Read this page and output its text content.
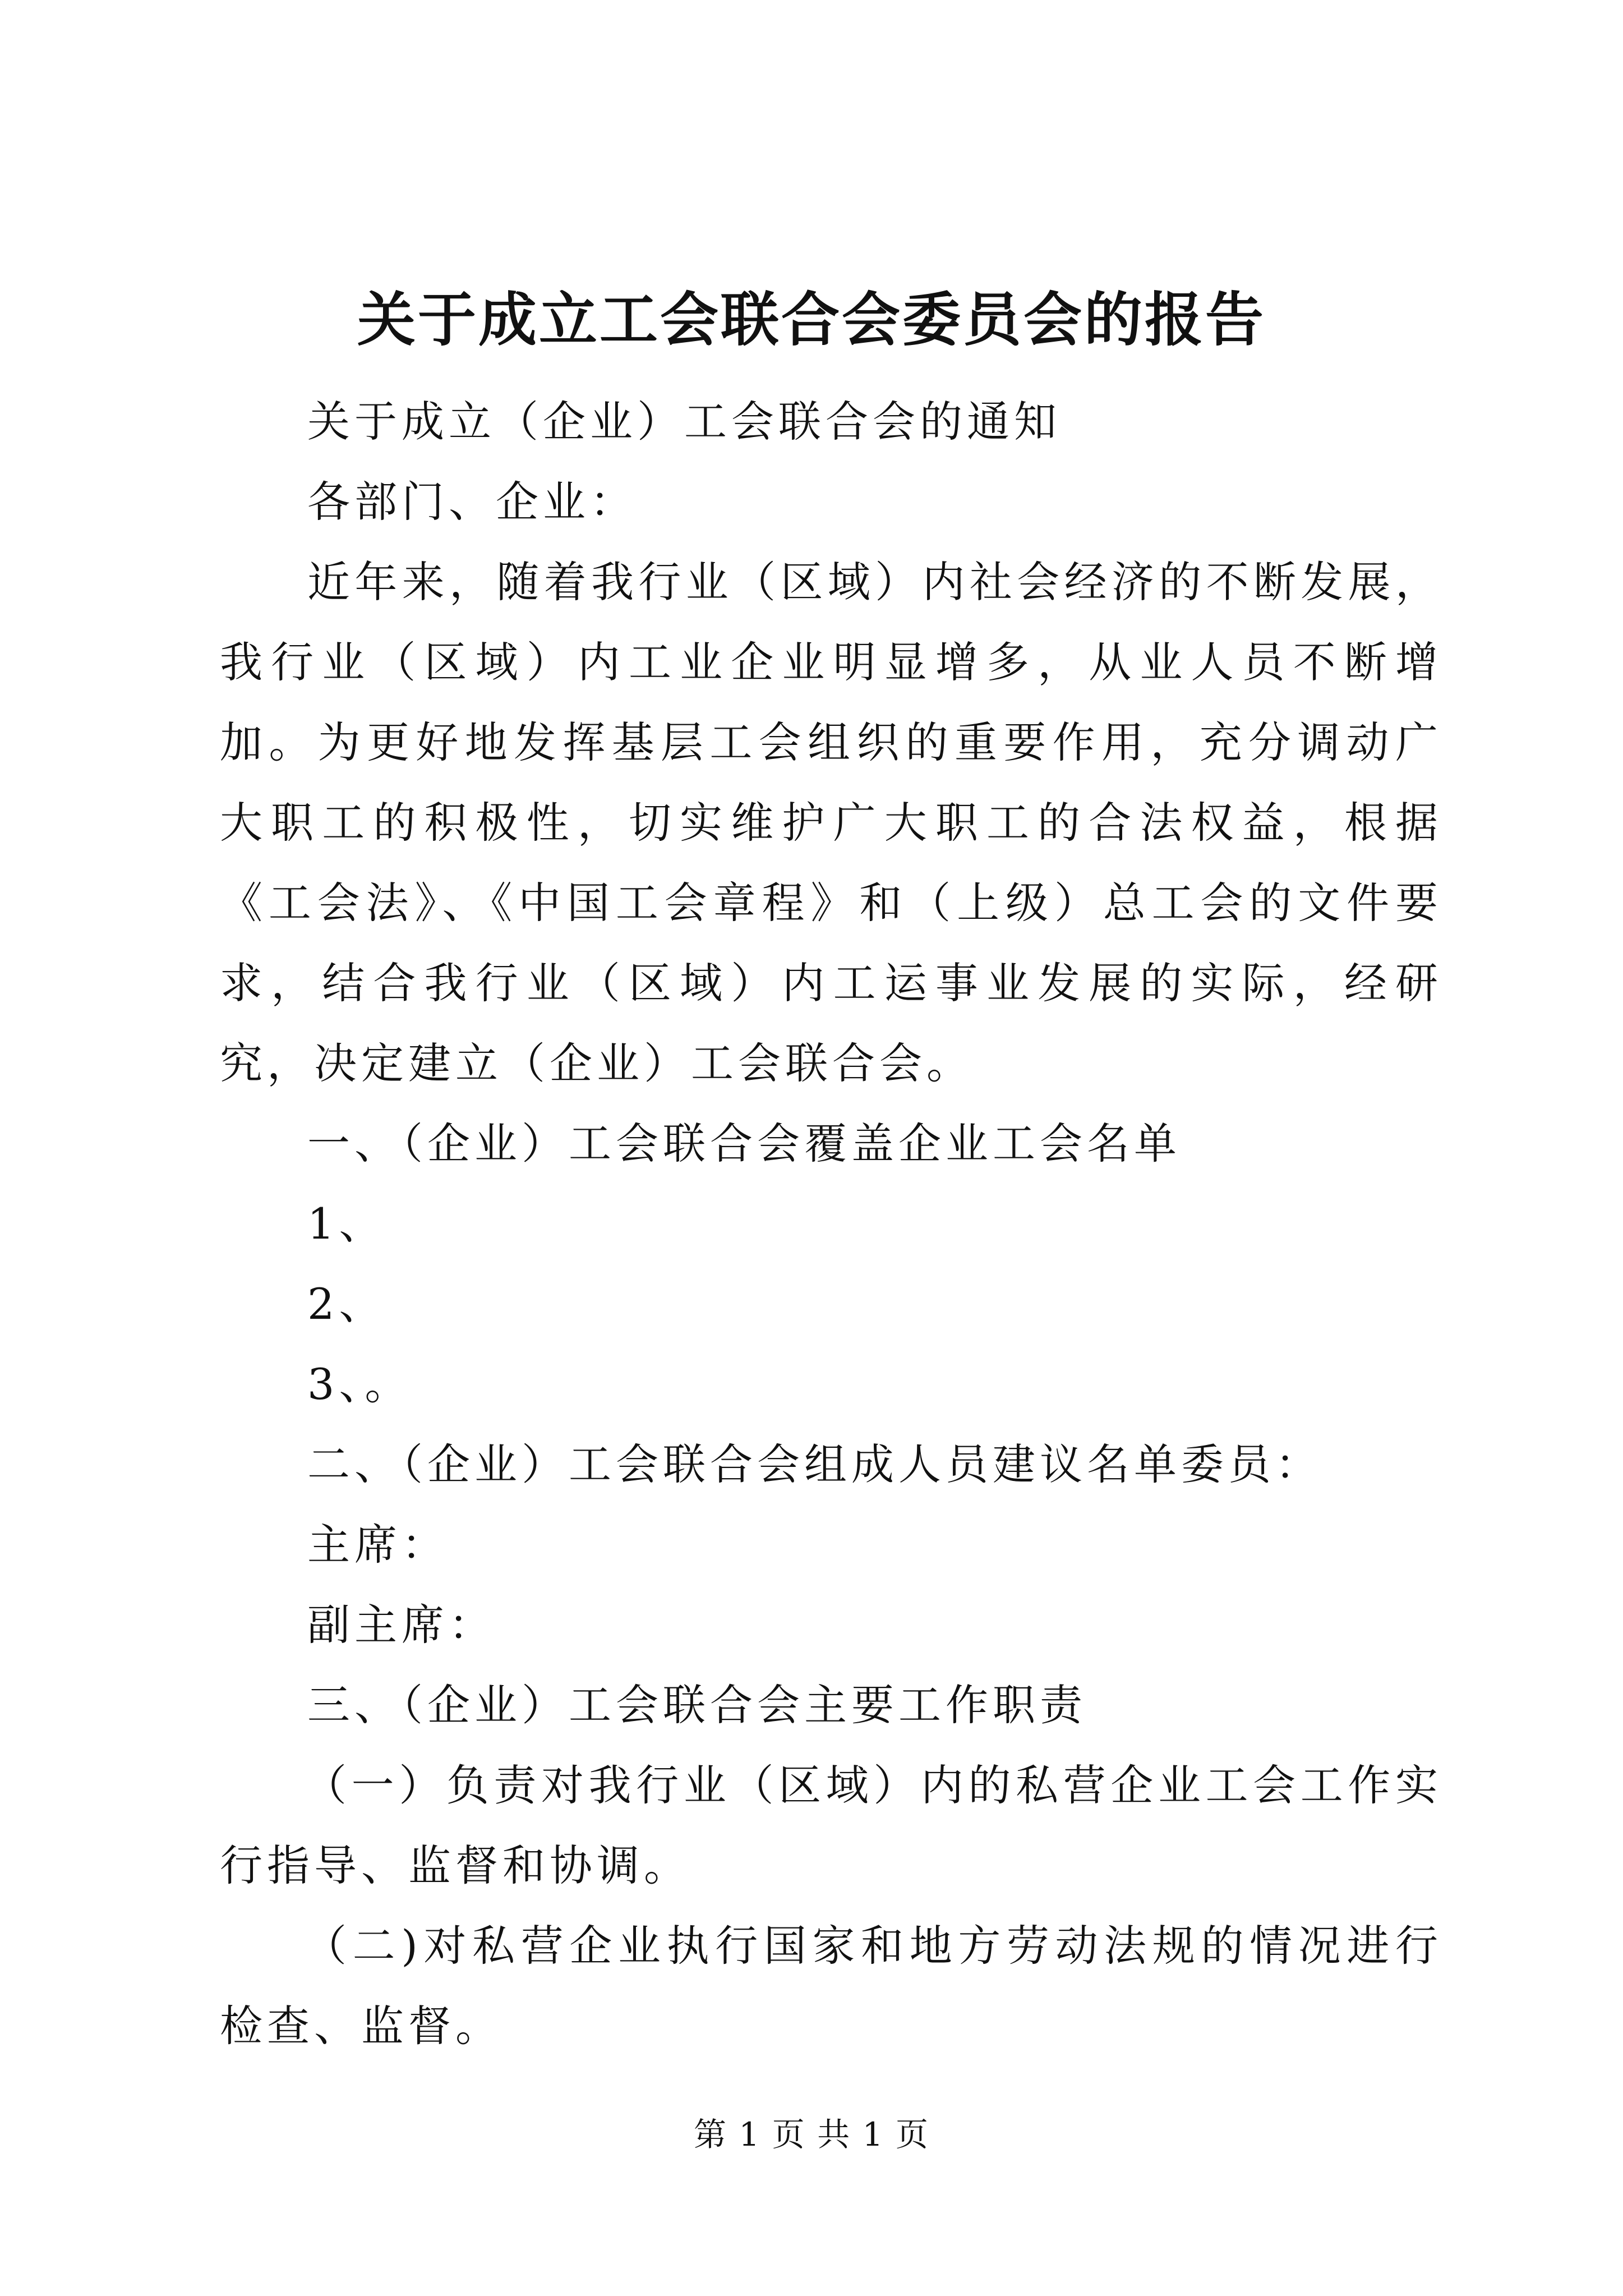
关于成立工会联合会委员会的报告

关于成立（企业）工会联合会的通知

各部门、企业：

近年来，随着我行业（区域）内社会经济的不断发展，我行业（区域）内工业企业明显增多，从业人员不断增加。为更好地发挥基层工会组织的重要作用，充分调动广大职工的积极性，切实维护广大职工的合法权益，根据《工会法》、《中国工会章程》和（上级）总工会的文件要求，结合我行业（区域）内工运事业发展的实际，经研究，决定建立（企业）工会联合会。

一、（企业）工会联合会覆盖企业工会名单

1、

2、

3、。

二、（企业）工会联合会组成人员建议名单委员：

主席：

副主席：

三、（企业）工会联合会主要工作职责

（一）负责对我行业（区域）内的私营企业工会工作实行指导、监督和协调。

（二)对私营企业执行国家和地方劳动法规的情况进行检查、监督。

第 1 页 共 1 页
